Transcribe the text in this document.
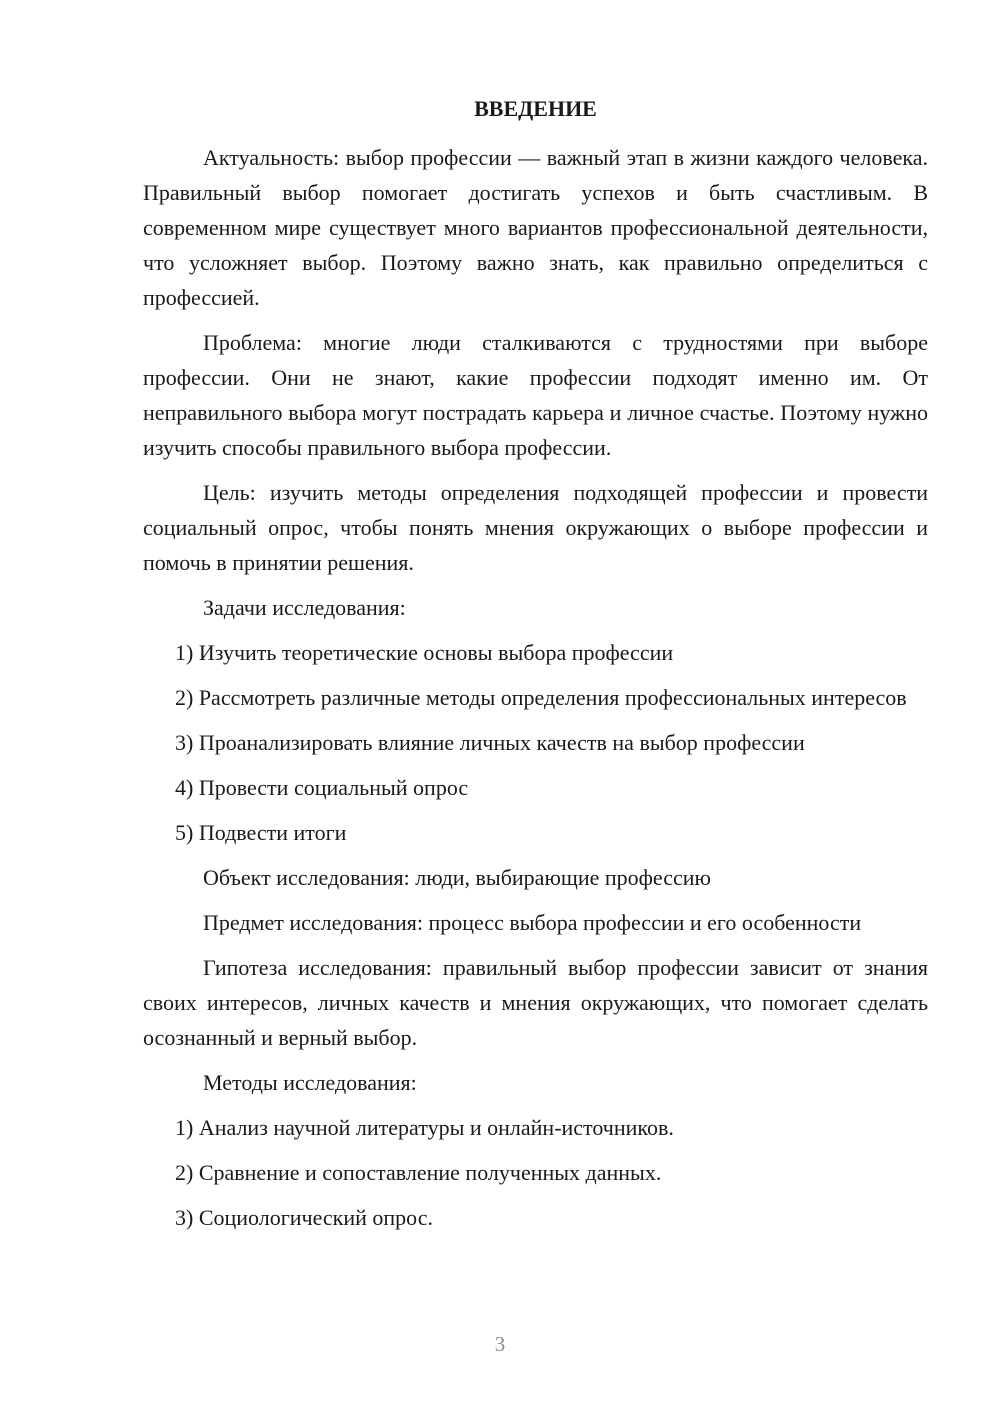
ВВЕДЕНИЕ

Актуальность: выбор профессии — важный этап в жизни каждого человека. Правильный выбор помогает достигать успехов и быть счастливым. В современном мире существует много вариантов профессиональной деятельности, что усложняет выбор. Поэтому важно знать, как правильно определиться с профессией.

Проблема: многие люди сталкиваются с трудностями при выборе профессии. Они не знают, какие профессии подходят именно им. От неправильного выбора могут пострадать карьера и личное счастье. Поэтому нужно изучить способы правильного выбора профессии.

Цель: изучить методы определения подходящей профессии и провести социальный опрос, чтобы понять мнения окружающих о выборе профессии и помочь в принятии решения.

Задачи исследования:

1) Изучить теоретические основы выбора профессии

2) Рассмотреть различные методы определения профессиональных интересов

3) Проанализировать влияние личных качеств на выбор профессии

4) Провести социальный опрос

5) Подвести итоги

Объект исследования: люди, выбирающие профессию

Предмет исследования: процесс выбора профессии и его особенности

Гипотеза исследования: правильный выбор профессии зависит от знания своих интересов, личных качеств и мнения окружающих, что помогает сделать осознанный и верный выбор.

Методы исследования:

1) Анализ научной литературы и онлайн-источников.

2) Сравнение и сопоставление полученных данных.

3) Социологический опрос.

3
